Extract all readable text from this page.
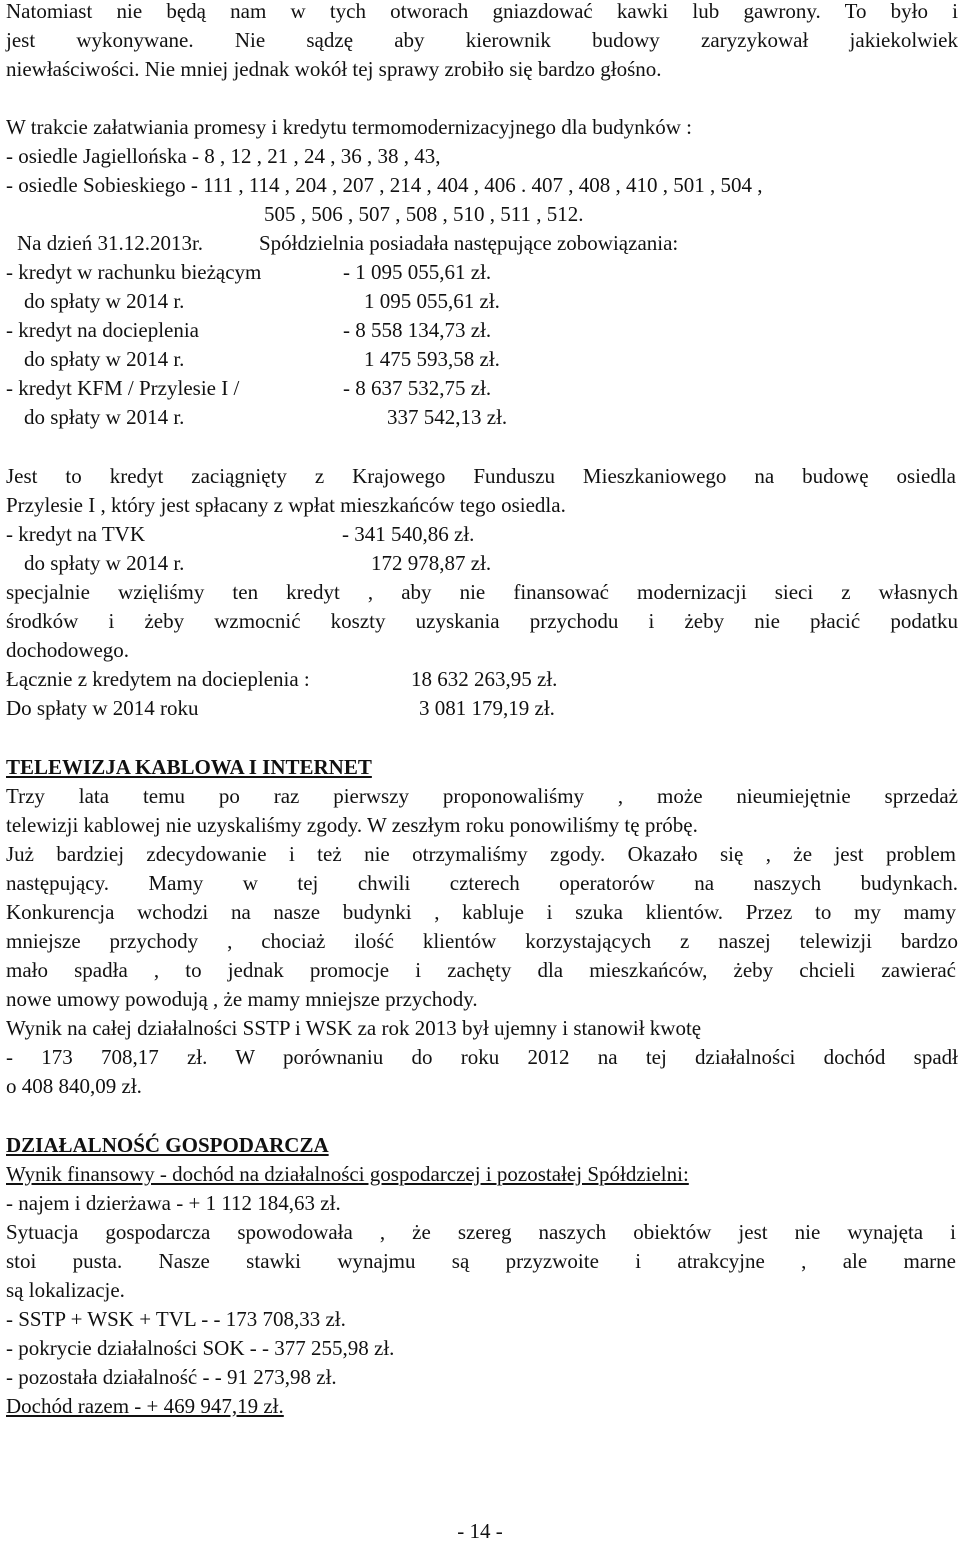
Natomiast nie będą nam w tych otworach gniazdować kawki lub gawrony. To było i
jest wykonywane. Nie sądzę aby kierownik budowy zaryzykował jakiekolwiek
niewłaściwości. Nie mniej jednak wokół tej sprawy zrobiło się bardzo głośno.
W trakcie załatwiania promesy i kredytu termomodernizacyjnego dla budynków :
- osiedle Jagiellońska - 8 , 12 , 21 , 24 , 36 , 38 , 43,
- osiedle Sobieskiego - 111 , 114 , 204 , 207 , 214 , 404 , 406 . 407 , 408 , 410 , 501 , 504 ,
505 , 506 , 507 , 508 , 510 , 511 , 512.
Na dzień 31.12.2013r.	Spółdzielnia posiadała następujące zobowiązania:
- kredyt w rachunku bieżącym	- 1 095 055,61 zł.
do spłaty w 2014 r.	1 095 055,61 zł.
- kredyt na docieplenia	- 8 558 134,73 zł.
do spłaty w 2014 r.	1 475 593,58 zł.
- kredyt KFM / Przylesie I /	- 8 637 532,75 zł.
do spłaty w 2014 r.	337 542,13 zł.
Jest to kredyt zaciągnięty z Krajowego Funduszu Mieszkaniowego na budowę osiedla
Przylesie I , który jest spłacany z wpłat mieszkańców tego osiedla.
- kredyt na TVK	- 341 540,86 zł.
do spłaty w 2014 r.	172 978,87 zł.
specjalnie wzięliśmy ten kredyt , aby nie finansować modernizacji sieci z własnych
środków i żeby wzmocnić koszty uzyskania przychodu i żeby nie płacić podatku
dochodowego.
Łącznie z kredytem na docieplenia :	18 632 263,95 zł.
Do spłaty w 2014 roku	3 081 179,19 zł.
TELEWIZJA KABLOWA I INTERNET
Trzy lata temu po raz pierwszy proponowaliśmy , może nieumiejętnie sprzedaż
telewizji kablowej nie uzyskaliśmy zgody. W zeszłym roku ponowiliśmy tę próbę.
Już bardziej zdecydowanie i też nie otrzymaliśmy zgody. Okazało się , że jest problem
następujący. Mamy w tej chwili czterech operatorów na naszych budynkach.
Konkurencja wchodzi na nasze budynki , kabluje i szuka klientów. Przez to my mamy
mniejsze przychody , chociaż ilość klientów korzystających z naszej telewizji bardzo
mało spadła , to jednak promocje i zachęty dla mieszkańców, żeby chcieli zawierać
nowe umowy powodują , że mamy mniejsze przychody.
Wynik na całej działalności SSTP i WSK za rok 2013 był ujemny i stanowił kwotę
- 173 708,17 zł. W porównaniu do roku 2012 na tej działalności dochód spadł
o 408 840,09 zł.
DZIAŁALNOŚĆ GOSPODARCZA
Wynik finansowy - dochód na działalności gospodarczej i pozostałej Spółdzielni:
- najem i dzierżawa - + 1 112 184,63 zł.
Sytuacja gospodarcza spowodowała , że szereg naszych obiektów jest nie wynajęta i
stoi pusta. Nasze stawki wynajmu są przyzwoite i atrakcyjne , ale marne
są lokalizacje.
- SSTP + WSK + TVL - - 173 708,33 zł.
- pokrycie działalności SOK - - 377 255,98 zł.
- pozostała działalność - - 91 273,98 zł.
Dochód razem - + 469 947,19 zł.
- 14 -
